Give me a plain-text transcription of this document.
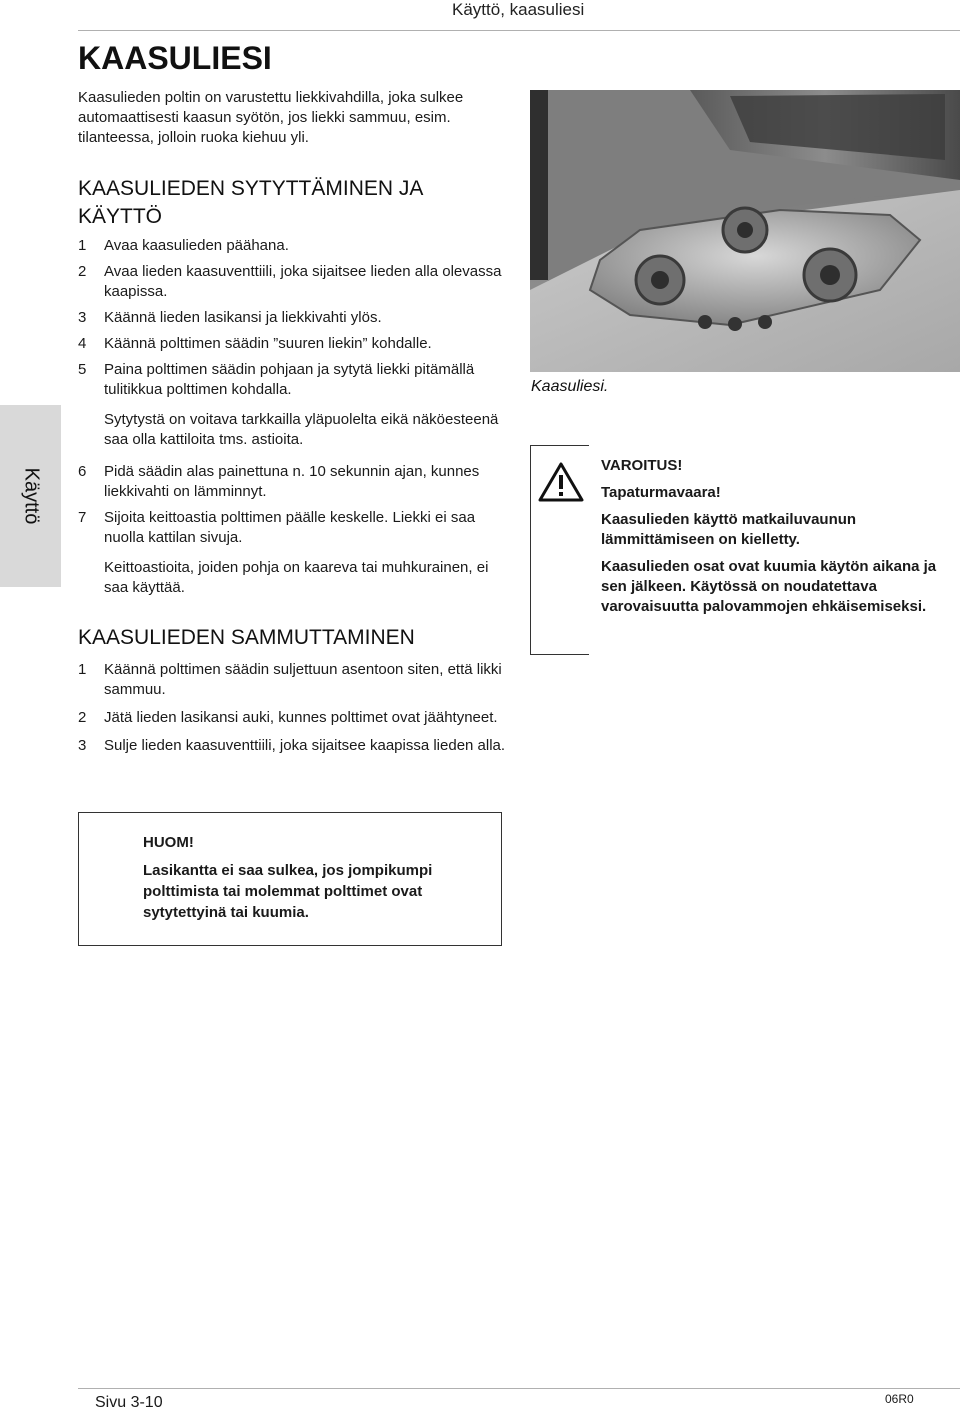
Käyttö, kaasuliesi
Käyttö
KAASULIESI
Kaasulieden poltin on varustettu liekkivahdilla, joka sulkee automaattisesti kaasun syötön, jos liekki sammuu, esim. tilanteessa, jolloin ruoka kiehuu yli.
KAASULIEDEN SYTYTTÄMINEN JA KÄYTTÖ
1 Avaa kaasulieden päähana.
2 Avaa lieden kaasuventtiili, joka sijaitsee lieden alla olevassa kaapissa.
3 Käännä lieden lasikansi ja liekkivahti ylös.
4 Käännä polttimen säädin ”suuren liekin” kohdalle.
5 Paina polttimen säädin pohjaan ja sytytä liekki pitämällä tulitikkua polttimen kohdalla.
Sytytystä on voitava tarkkailla yläpuolelta eikä näköesteenä saa olla kattiloita tms. astioita.
6 Pidä säädin alas painettuna n. 10 sekunnin ajan, kunnes liekkivahti on lämminnyt.
7 Sijoita keittoastia polttimen päälle keskelle. Liekki ei saa nuolla kattilan sivuja.
Keittoastioita, joiden pohja on kaareva tai muhkurainen, ei saa käyttää.
KAASULIEDEN SAMMUTTAMINEN
1 Käännä polttimen säädin suljettuun asentoon siten, että likki sammuu.
2 Jätä lieden lasikansi auki, kunnes polttimet ovat jäähtyneet.
3 Sulje lieden kaasuventtiili, joka sijaitsee kaapissa lieden alla.
Kaasuliesi.

VAROITUS!

Tapaturmavaara!

Kaasulieden käyttö matkailuvaunun lämmittämiseen on kielletty.

Kaasulieden osat ovat kuumia käytön aikana ja sen jälkeen. Käytössä on noudatettava varovaisuutta palovammojen ehkäisemiseksi.

HUOM!

Lasikantta ei saa sulkea, jos jompikumpi polttimista tai molemmat polttimet ovat sytytettyinä tai kuumia.

Sivu 3-10	06R0
